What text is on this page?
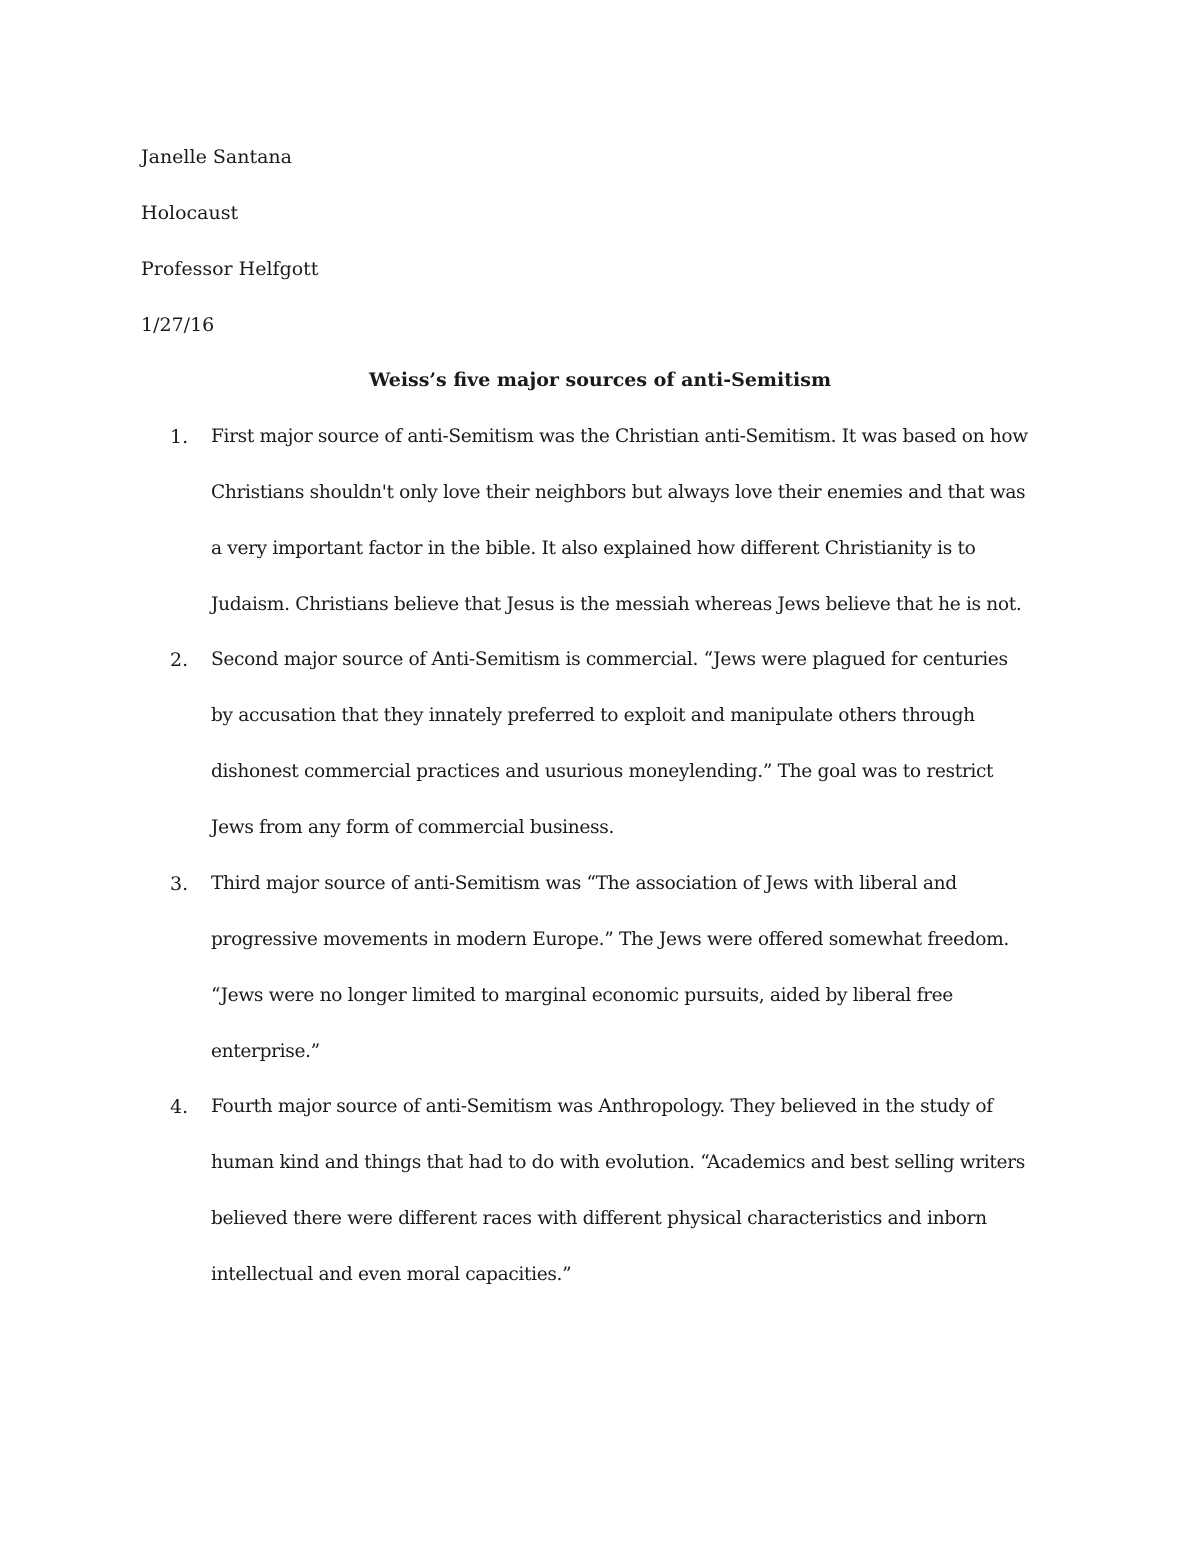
Janelle Santana
Holocaust
Professor Helfgott
1/27/16
Weiss’s five major sources of anti-Semitism
1. First major source of anti-Semitism was the Christian anti-Semitism. It was based on how
Christians shouldn't only love their neighbors but always love their enemies and that was
a very important factor in the bible. It also explained how different Christianity is to
Judaism. Christians believe that Jesus is the messiah whereas Jews believe that he is not.
2. Second major source of Anti-Semitism is commercial. “Jews were plagued for centuries
by accusation that they innately preferred to exploit and manipulate others through
dishonest commercial practices and usurious moneylending.” The goal was to restrict
Jews from any form of commercial business.
3. Third major source of anti-Semitism was “The association of Jews with liberal and
progressive movements in modern Europe.” The Jews were offered somewhat freedom.
“Jews were no longer limited to marginal economic pursuits, aided by liberal free
enterprise.”
4. Fourth major source of anti-Semitism was Anthropology. They believed in the study of
human kind and things that had to do with evolution. “Academics and best selling writers
believed there were different races with different physical characteristics and inborn
intellectual and even moral capacities.”
